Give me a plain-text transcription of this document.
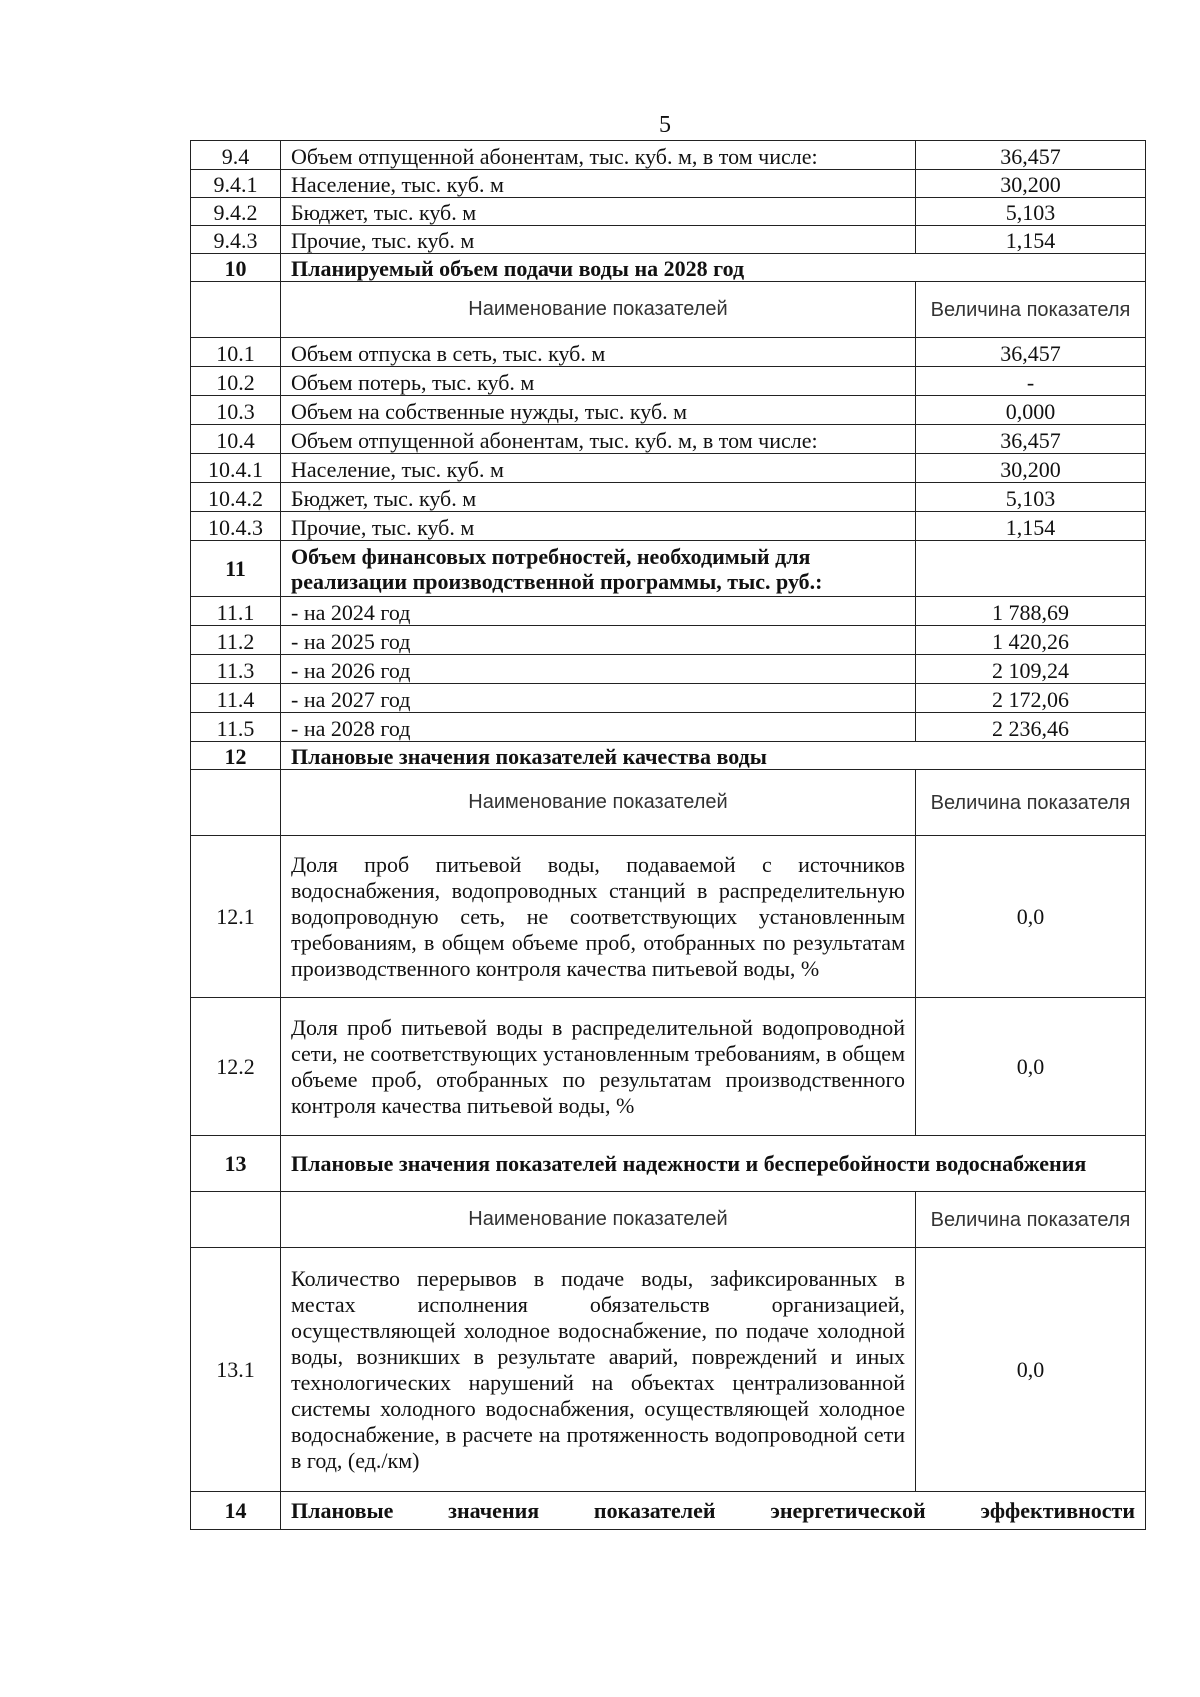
5
9.4	Объем отпущенной абонентам, тыс. куб. м, в том числе:	36,457
9.4.1	Население, тыс. куб. м	30,200
9.4.2	Бюджет, тыс. куб. м	5,103
9.4.3	Прочие, тыс. куб. м	1,154
10	Планируемый объем подачи воды на 2028 год	
	Наименование показателей	Величина показателя
10.1	Объем отпуска в сеть, тыс. куб. м	36,457
10.2	Объем потерь, тыс. куб. м	-
10.3	Объем на собственные нужды, тыс. куб. м	0,000
10.4	Объем отпущенной абонентам, тыс. куб. м, в том числе:	36,457
10.4.1	Население, тыс. куб. м	30,200
10.4.2	Бюджет, тыс. куб. м	5,103
10.4.3	Прочие, тыс. куб. м	1,154
11	Объем финансовых потребностей, необходимый для реализации производственной программы, тыс. руб.:	
11.1	- на 2024 год	1 788,69
11.2	- на 2025 год	1 420,26
11.3	- на 2026 год	2 109,24
11.4	- на 2027 год	2 172,06
11.5	- на 2028 год	2 236,46
12	Плановые значения показателей качества воды	
	Наименование показателей	Величина показателя
12.1	Доля проб питьевой воды, подаваемой с источников водоснабжения, водопроводных станций в распределительную водопроводную сеть, не соответствующих установленным требованиям, в общем объеме проб, отобранных по результатам производственного контроля качества питьевой воды, %	0,0
12.2	Доля проб питьевой воды в распределительной водопроводной сети, не соответствующих установленным требованиям, в общем объеме проб, отобранных по результатам производственного контроля качества питьевой воды, %	0,0
13	Плановые значения показателей надежности и бесперебойности водоснабжения	
	Наименование показателей	Величина показателя
13.1	Количество перерывов в подаче воды, зафиксированных в местах исполнения обязательств организацией, осуществляющей холодное водоснабжение, по подаче холодной воды, возникших в результате аварий, повреждений и иных технологических нарушений на объектах централизованной системы холодного водоснабжения, осуществляющей холодное водоснабжение, в расчете на протяженность водопроводной сети в год, (ед./км)	0,0
14	Плановые значения показателей энергетической эффективности	
